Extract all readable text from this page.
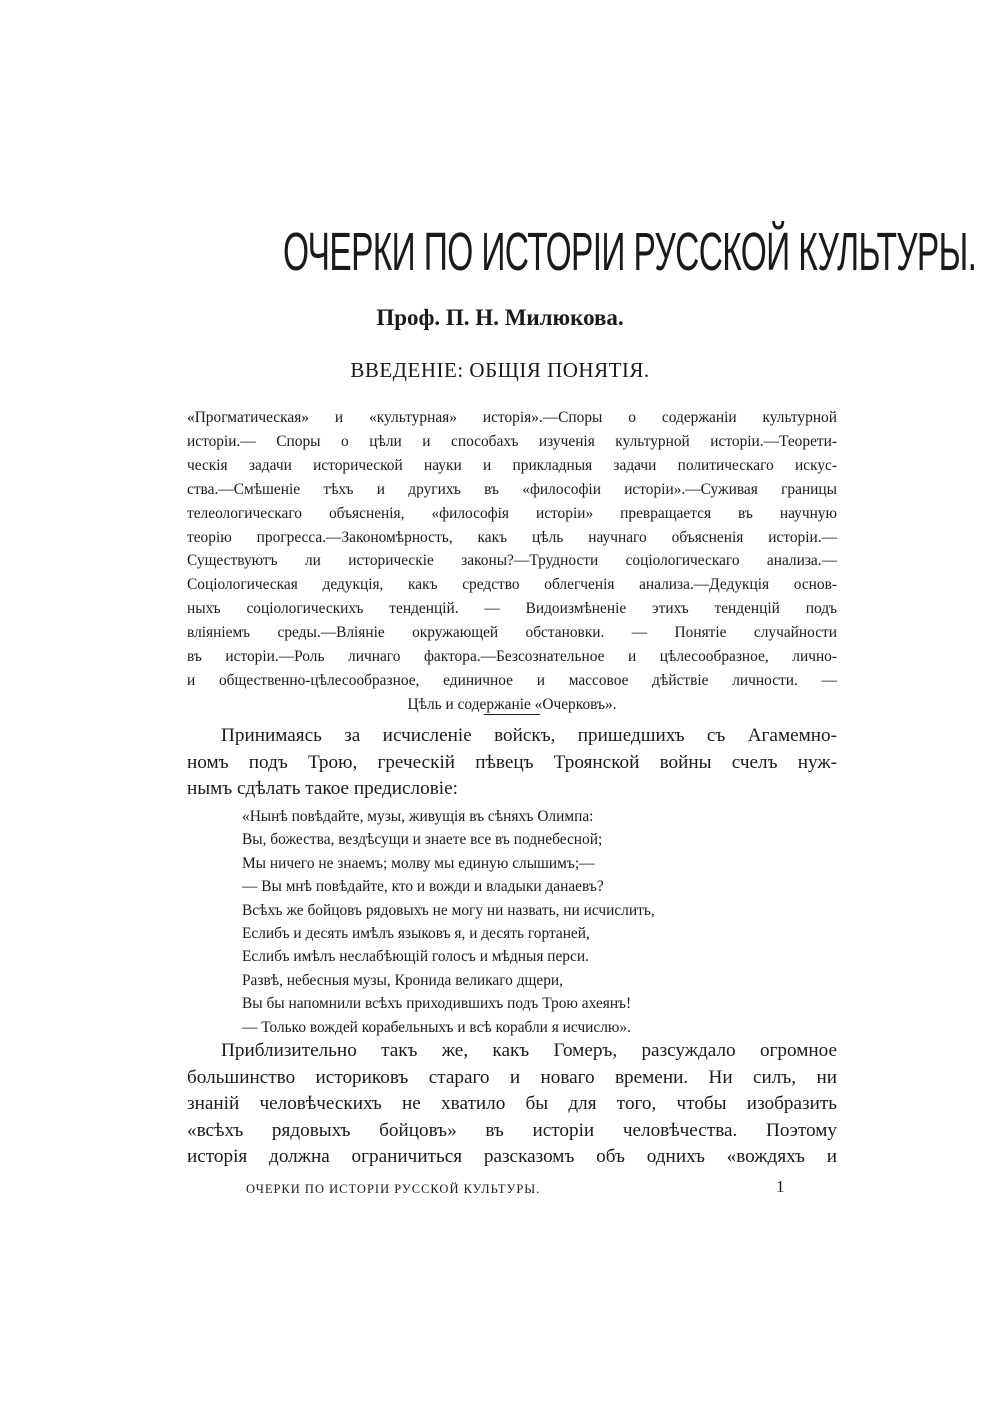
ОЧЕРКИ ПО ИСТОРІИ РУССКОЙ КУЛЬТУРЫ.
Проф. П. Н. Милюкова.
ВВЕДЕНІЕ: ОБЩІЯ ПОНЯТІЯ.
«Прогматическая» и «культурная» исторія».—Споры о содержаніи культурной
исторіи.— Споры о цѣли и способахъ изученія культурной исторіи.—Теорети-
ческія задачи исторической науки и прикладныя задачи политическаго искус-
ства.—Смѣшеніе тѣхъ и другихъ въ «философіи исторіи».—Суживая границы
телеологическаго объясненія, «философія исторіи» превращается въ научную
теорію прогресса.—Закономѣрность, какъ цѣль научнаго объясненія исторіи.—
Существуютъ ли историческіе законы?—Трудности соціологическаго анализа.—
Соціологическая дедукція, какъ средство облегченія анализа.—Дедукція основ-
ныхъ соціологическихъ тенденцій. — Видоизмѣненіе этихъ тенденцій подъ
вліяніемъ среды.—Вліяніе окружающей обстановки. — Понятіе случайности
въ исторіи.—Роль личнаго фактора.—Безсознательное и цѣлесообразное, лично-
и общественно-цѣлесообразное, единичное и массовое дѣйствіе личности. —
Цѣль и содержаніе «Очерковъ».
Принимаясь за исчисленіе войскъ, пришедшихъ съ Агамемно-
номъ подъ Трою, греческій пѣвецъ Троянской войны счелъ нуж-
нымъ сдѣлать такое предисловіе:
«Нынѣ повѣдайте, музы, живущія въ сѣняхъ Олимпа:
Вы, божества, вездѣсущи и знаете все въ поднебесной;
Мы ничего не знаемъ; молву мы единую слышимъ;—
— Вы мнѣ повѣдайте, кто и вожди и владыки данаевъ?
Всѣхъ же бойцовъ рядовыхъ не могу ни назвать, ни исчислить,
Еслибъ и десять имѣлъ языковъ я, и десять гортаней,
Еслибъ имѣлъ неслабѣющій голосъ и мѣдныя перси.
Развѣ, небесныя музы, Кронида великаго дщери,
Вы бы напомнили всѣхъ приходившихъ подъ Трою ахеянъ!
— Только вождей корабельныхъ и всѣ корабли я исчислю».
Приблизительно такъ же, какъ Гомеръ, разсуждало огромное
большинство историковъ стараго и новаго времени. Ни силъ, ни
знаній человѣческихъ не хватило бы для того, чтобы изобразить
«всѣхъ рядовыхъ бойцовъ» въ исторіи человѣчества. Поэтому
исторія должна ограничиться разсказомъ объ однихъ «вождяхъ и
ОЧЕРКИ ПО ИСТОРІИ РУССКОЙ КУЛЬТУРЫ.	1
